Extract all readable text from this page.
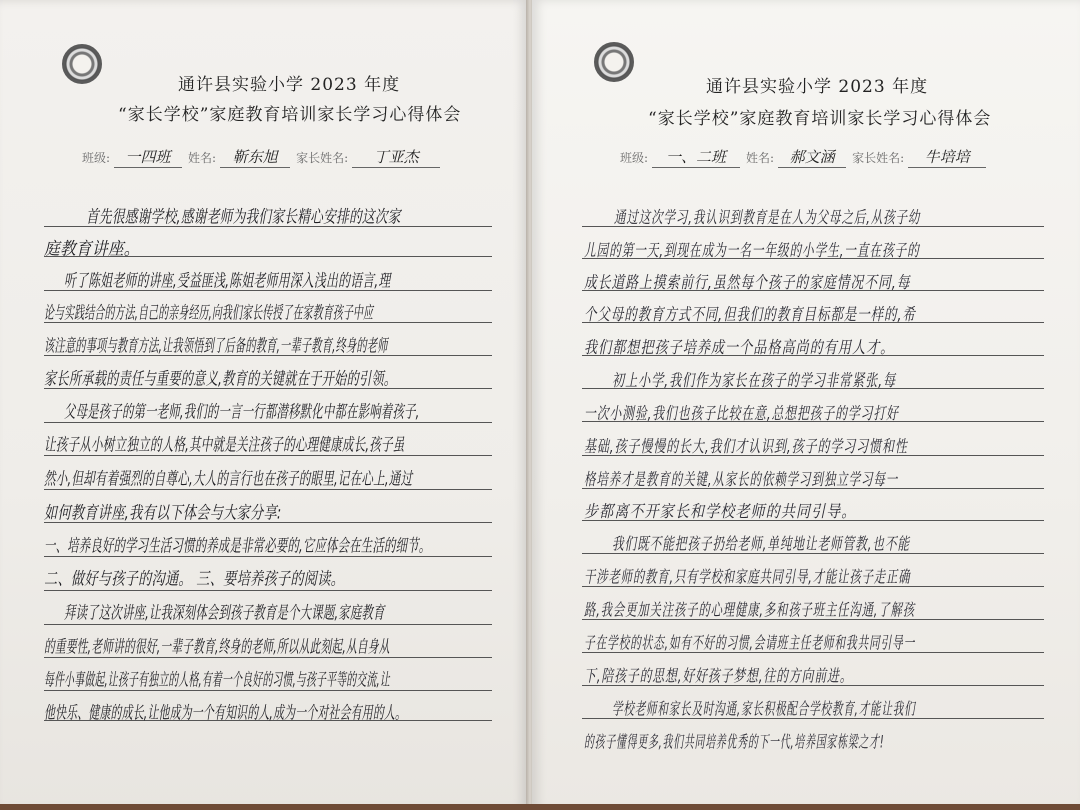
通许县实验小学 2023 年度
“家长学校”家庭教育培训家长学习心得体会
班级: 一四班 姓名: 靳东旭 家长姓名: 丁亚杰
首先很感谢学校,感谢老师为我们家长精心安排的这次家
庭教育讲座。
听了陈姐老师的讲座,受益匪浅,陈姐老师用深入浅出的语言,理
论与实践结合的方法,自己的亲身经历,向我们家长传授了在家教育孩子中应
该注意的事项与教育方法,让我领悟到了后备的教育,一辈子教育,终身的老师
家长所承载的责任与重要的意义,教育的关键就在于开始的引领。
父母是孩子的第一老师,我们的一言一行都潜移默化中都在影响着孩子,
让孩子从小树立独立的人格,其中就是关注孩子的心理健康成长,孩子虽
然小,但却有着强烈的自尊心,大人的言行也在孩子的眼里,记在心上,通过
如何教育讲座,我有以下体会与大家分享:
一、培养良好的学习生活习惯的养成是非常必要的,它应体会在生活的细节。
二、做好与孩子的沟通。 三、要培养孩子的阅读。
拜读了这次讲座,让我深刻体会到孩子教育是个大课题,家庭教育
的重要性,老师讲的很好,一辈子教育,终身的老师,所以从此刻起,从自身从
每件小事做起,让孩子有独立的人格,有着一个良好的习惯,与孩子平等的交流,让
他快乐、健康的成长,让他成为一个有知识的人,成为一个对社会有用的人。
通许县实验小学 2023 年度
“家长学校”家庭教育培训家长学习心得体会
班级: 一、二班 姓名: 郝文涵 家长姓名: 牛培培
通过这次学习,我认识到教育是在人为父母之后,从孩子幼
儿园的第一天,到现在成为一名一年级的小学生,一直在孩子的
成长道路上摸索前行,虽然每个孩子的家庭情况不同,每
个父母的教育方式不同,但我们的教育目标都是一样的,希
我们都想把孩子培养成一个品格高尚的有用人才。
初上小学,我们作为家长在孩子的学习非常紧张,每
一次小测验,我们也孩子比较在意,总想把孩子的学习打好
基础,孩子慢慢的长大,我们才认识到,孩子的学习习惯和性
格培养才是教育的关键,从家长的依赖学习到独立学习每一
步都离不开家长和学校老师的共同引导。
我们既不能把孩子扔给老师,单纯地让老师管教,也不能
干涉老师的教育,只有学校和家庭共同引导,才能让孩子走正确
路,我会更加关注孩子的心理健康,多和孩子班主任沟通,了解孩
子在学校的状态,如有不好的习惯,会请班主任老师和我共同引导一
下,陪孩子的思想,好好孩子梦想,往的方向前进。
学校老师和家长及时沟通,家长积极配合学校教育,才能让我们
的孩子懂得更多,我们共同培养优秀的下一代,培养国家栋梁之才!
